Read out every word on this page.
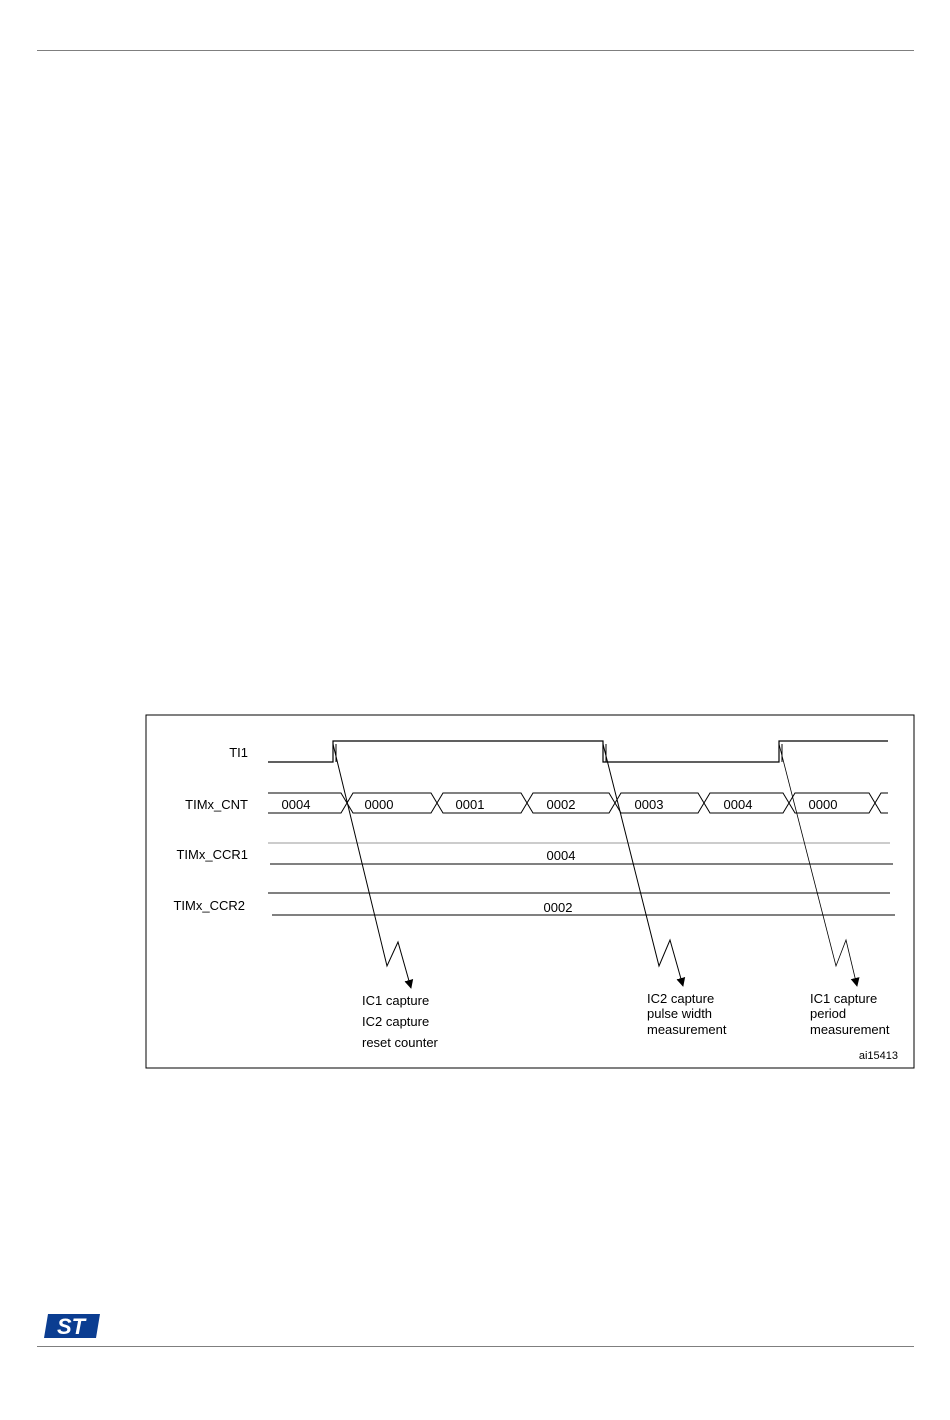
TI1
TIMx_CNT
TIMx_CCR1
TIMx_CCR2
0004	0000	0001	0002	0003	0004	0000
0004
0002
IC1 capture
IC2 capture
reset counter
IC2 capture
pulse width
measurement
IC1 capture
period
measurement
ai15413
ST
